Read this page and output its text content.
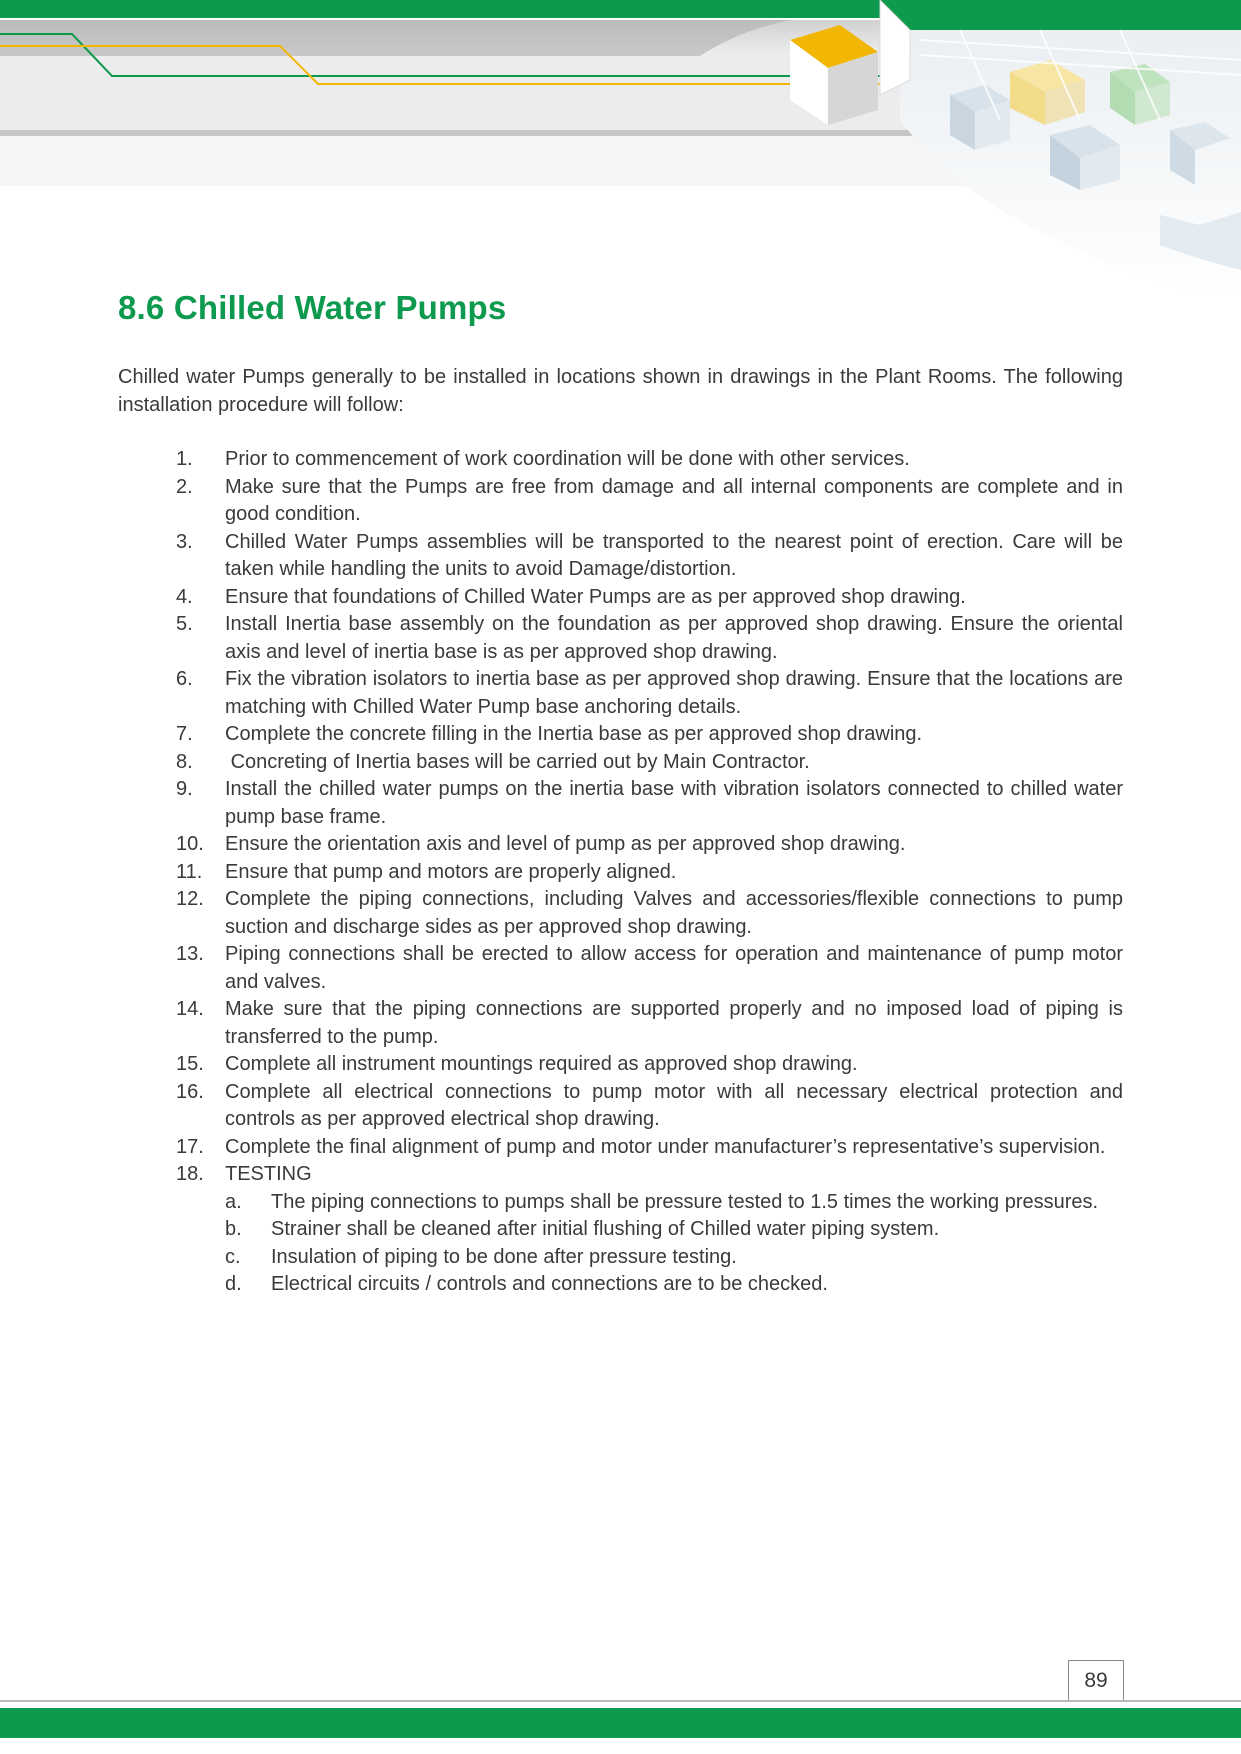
8.6 Chilled Water Pumps

Chilled water Pumps generally to be installed in locations shown in drawings in the Plant Rooms. The following installation procedure will follow:

1.	Prior to commencement of work coordination will be done with other services.
2.	Make sure that the Pumps are free from damage and all internal components are complete and in good condition.
3.	Chilled Water Pumps assemblies will be transported to the nearest point of erection. Care will be taken while handling the units to avoid Damage/distortion.
4.	Ensure that foundations of Chilled Water Pumps are as per approved shop drawing.
5.	Install Inertia base assembly on the foundation as per approved shop drawing. Ensure the oriental axis and level of inertia base is as per approved shop drawing.
6.	Fix the vibration isolators to inertia base as per approved shop drawing. Ensure that the locations are matching with Chilled Water Pump base anchoring details.
7.	Complete the concrete filling in the Inertia base as per approved shop drawing.
8.	Concreting of Inertia bases will be carried out by Main Contractor.
9.	Install the chilled water pumps on the inertia base with vibration isolators connected to chilled water pump base frame.
10.	Ensure the orientation axis and level of pump as per approved shop drawing.
11.	Ensure that pump and motors are properly aligned.
12.	Complete the piping connections, including Valves and accessories/flexible connections to pump suction and discharge sides as per approved shop drawing.
13.	Piping connections shall be erected to allow access for operation and maintenance of pump motor and valves.
14.	Make sure that the piping connections are supported properly and no imposed load of piping is transferred to the pump.
15.	Complete all instrument mountings required as approved shop drawing.
16.	Complete all electrical connections to pump motor with all necessary electrical protection and controls as per approved electrical shop drawing.
17.	Complete the final alignment of pump and motor under manufacturer’s representative’s supervision.
18.	TESTING
a. The piping connections to pumps shall be pressure tested to 1.5 times the working pressures.
b. Strainer shall be cleaned after initial flushing of Chilled water piping system.
c. Insulation of piping to be done after pressure testing.
d. Electrical circuits / controls and connections are to be checked.
89
